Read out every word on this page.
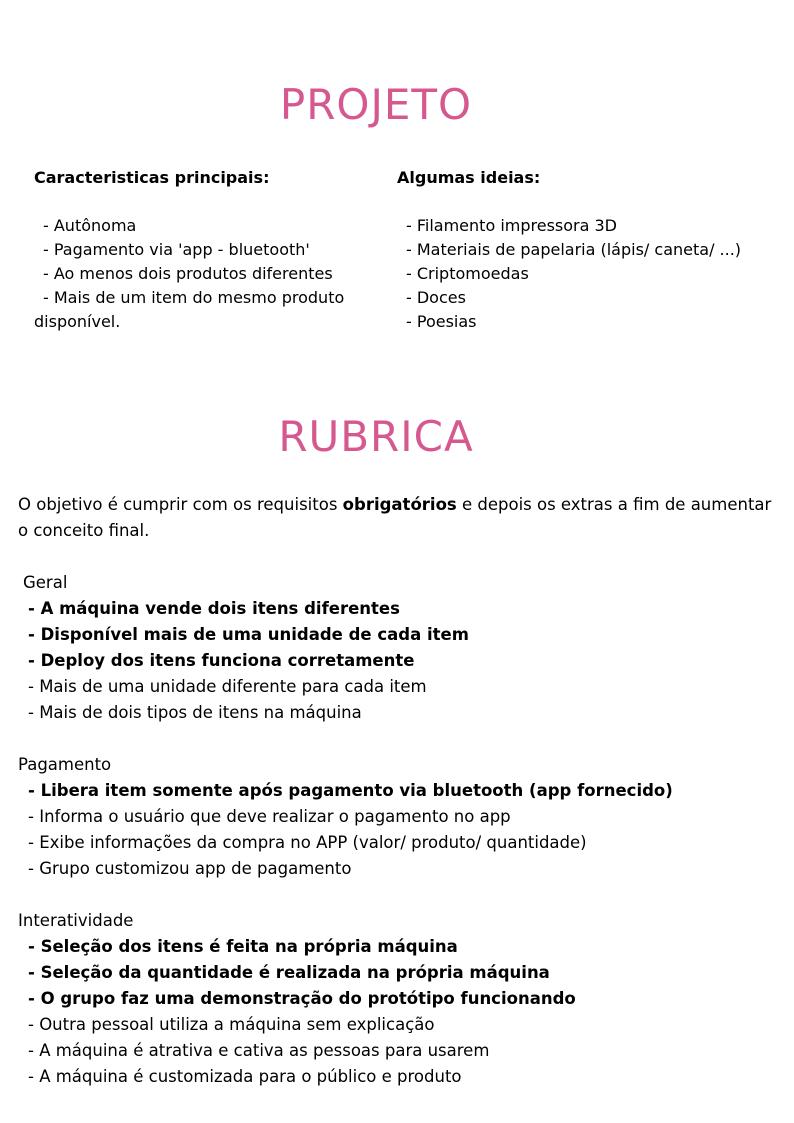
PROJETO
Caracteristicas principais:
- Autônoma
- Pagamento via 'app - bluetooth'
- Ao menos dois produtos diferentes
- Mais de um item do mesmo produto
disponível.
Algumas ideias:
- Filamento impressora 3D
- Materiais de papelaria (lápis/ caneta/ ...)
- Criptomoedas
- Doces
- Poesias
RUBRICA
O objetivo é cumprir com os requisitos obrigatórios e depois os extras a fim de aumentar o conceito final.
Geral
- A máquina vende dois itens diferentes
- Disponível mais de uma unidade de cada item
- Deploy dos itens funciona corretamente
- Mais de uma unidade diferente para cada item
- Mais de dois tipos de itens na máquina
Pagamento
- Libera item somente após pagamento via bluetooth (app fornecido)
- Informa o usuário que deve realizar o pagamento no app
- Exibe informações da compra no APP (valor/ produto/ quantidade)
- Grupo customizou app de pagamento
Interatividade
- Seleção dos itens é feita na própria máquina
- Seleção da quantidade é realizada na própria máquina
- O grupo faz uma demonstração do protótipo funcionando
- Outra pessoal utiliza a máquina sem explicação
- A máquina é atrativa e cativa as pessoas para usarem
- A máquina é customizada para o público e produto
